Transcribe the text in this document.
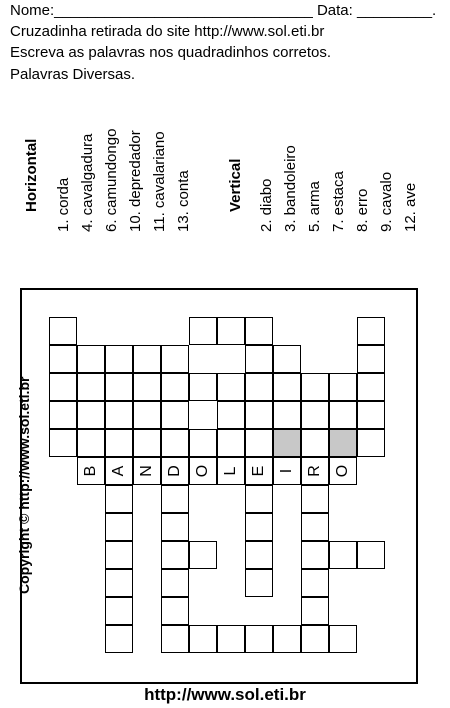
Nome:_______________________________ Data: _________.
Cruzadinha retirada do site http://www.sol.eti.br
Escreva as palavras nos quadradinhos corretos.
Palavras Diversas.
Horizontal 1. corda 4. cavalgadura 6. camundongo 10. depredador 11. cavalariano 13. conta Vertical 2. diabo 3. bandoleiro 5. arma 7. estaca 8. erro 9. cavalo 12. ave
B A N D O L E I R O
Copyright © http://www.sol.eti.br
http://www.sol.eti.br
